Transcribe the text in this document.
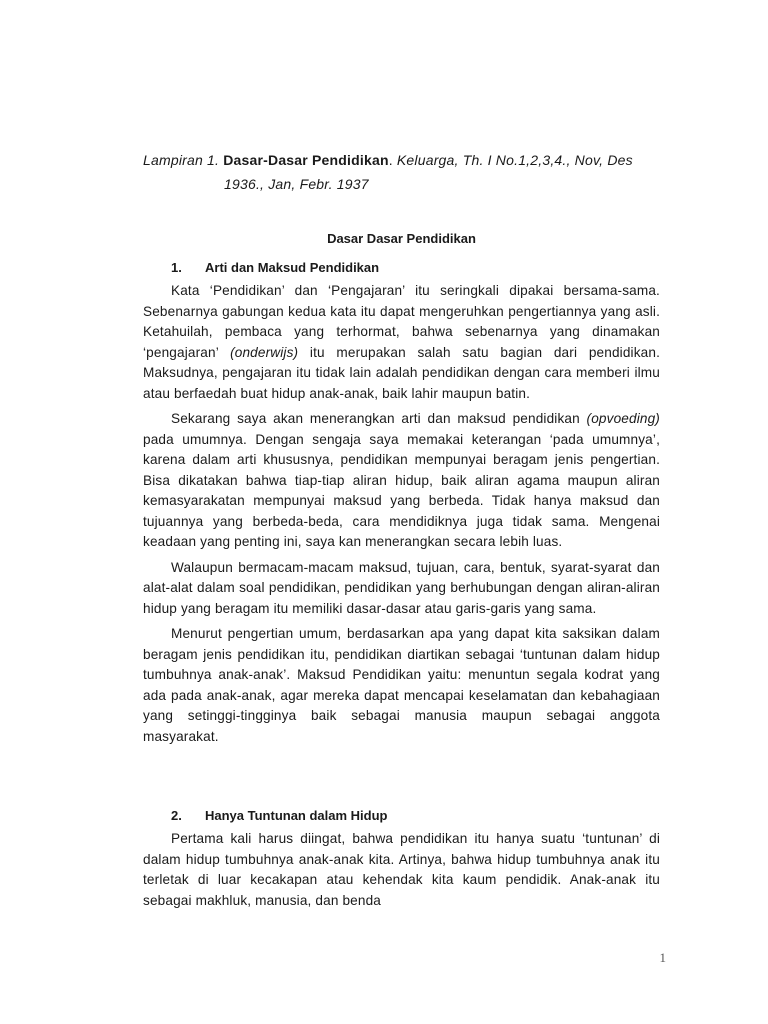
Lampiran 1. Dasar-Dasar Pendidikan. Keluarga, Th. I No.1,2,3,4., Nov, Des
1936., Jan, Febr. 1937
Dasar Dasar Pendidikan
1. Arti dan Maksud Pendidikan

Kata ‘Pendidikan’ dan ‘Pengajaran’ itu seringkali dipakai bersama-sama. Sebenarnya gabungan kedua kata itu dapat mengeruhkan pengertiannya yang asli. Ketahuilah, pembaca yang terhormat, bahwa sebenarnya yang dinamakan ‘pengajaran’ (onderwijs) itu merupakan salah satu bagian dari pendidikan. Maksudnya, pengajaran itu tidak lain adalah pendidikan dengan cara memberi ilmu atau berfaedah buat hidup anak-anak, baik lahir maupun batin.

Sekarang saya akan menerangkan arti dan maksud pendidikan (opvoeding) pada umumnya. Dengan sengaja saya memakai keterangan ‘pada umumnya’, karena dalam arti khususnya, pendidikan mempunyai beragam jenis pengertian. Bisa dikatakan bahwa tiap-tiap aliran hidup, baik aliran agama maupun aliran kemasyarakatan mempunyai maksud yang berbeda. Tidak hanya maksud dan tujuannya yang berbeda-beda, cara mendidiknya juga tidak sama. Mengenai keadaan yang penting ini, saya kan menerangkan secara lebih luas.

Walaupun bermacam-macam maksud, tujuan, cara, bentuk, syarat-syarat dan alat-alat dalam soal pendidikan, pendidikan yang berhubungan dengan aliran-aliran hidup yang beragam itu memiliki dasar-dasar atau garis-garis yang sama.

Menurut pengertian umum, berdasarkan apa yang dapat kita saksikan dalam beragam jenis pendidikan itu, pendidikan diartikan sebagai ‘tuntunan dalam hidup tumbuhnya anak-anak’. Maksud Pendidikan yaitu: menuntun segala kodrat yang ada pada anak-anak, agar mereka dapat mencapai keselamatan dan kebahagiaan yang setinggi-tingginya baik sebagai manusia maupun sebagai anggota masyarakat.

2. Hanya Tuntunan dalam Hidup

Pertama kali harus diingat, bahwa pendidikan itu hanya suatu ‘tuntunan’ di dalam hidup tumbuhnya anak-anak kita. Artinya, bahwa hidup tumbuhnya anak itu terletak di luar kecakapan atau kehendak kita kaum pendidik. Anak-anak itu sebagai makhluk, manusia, dan benda

1
